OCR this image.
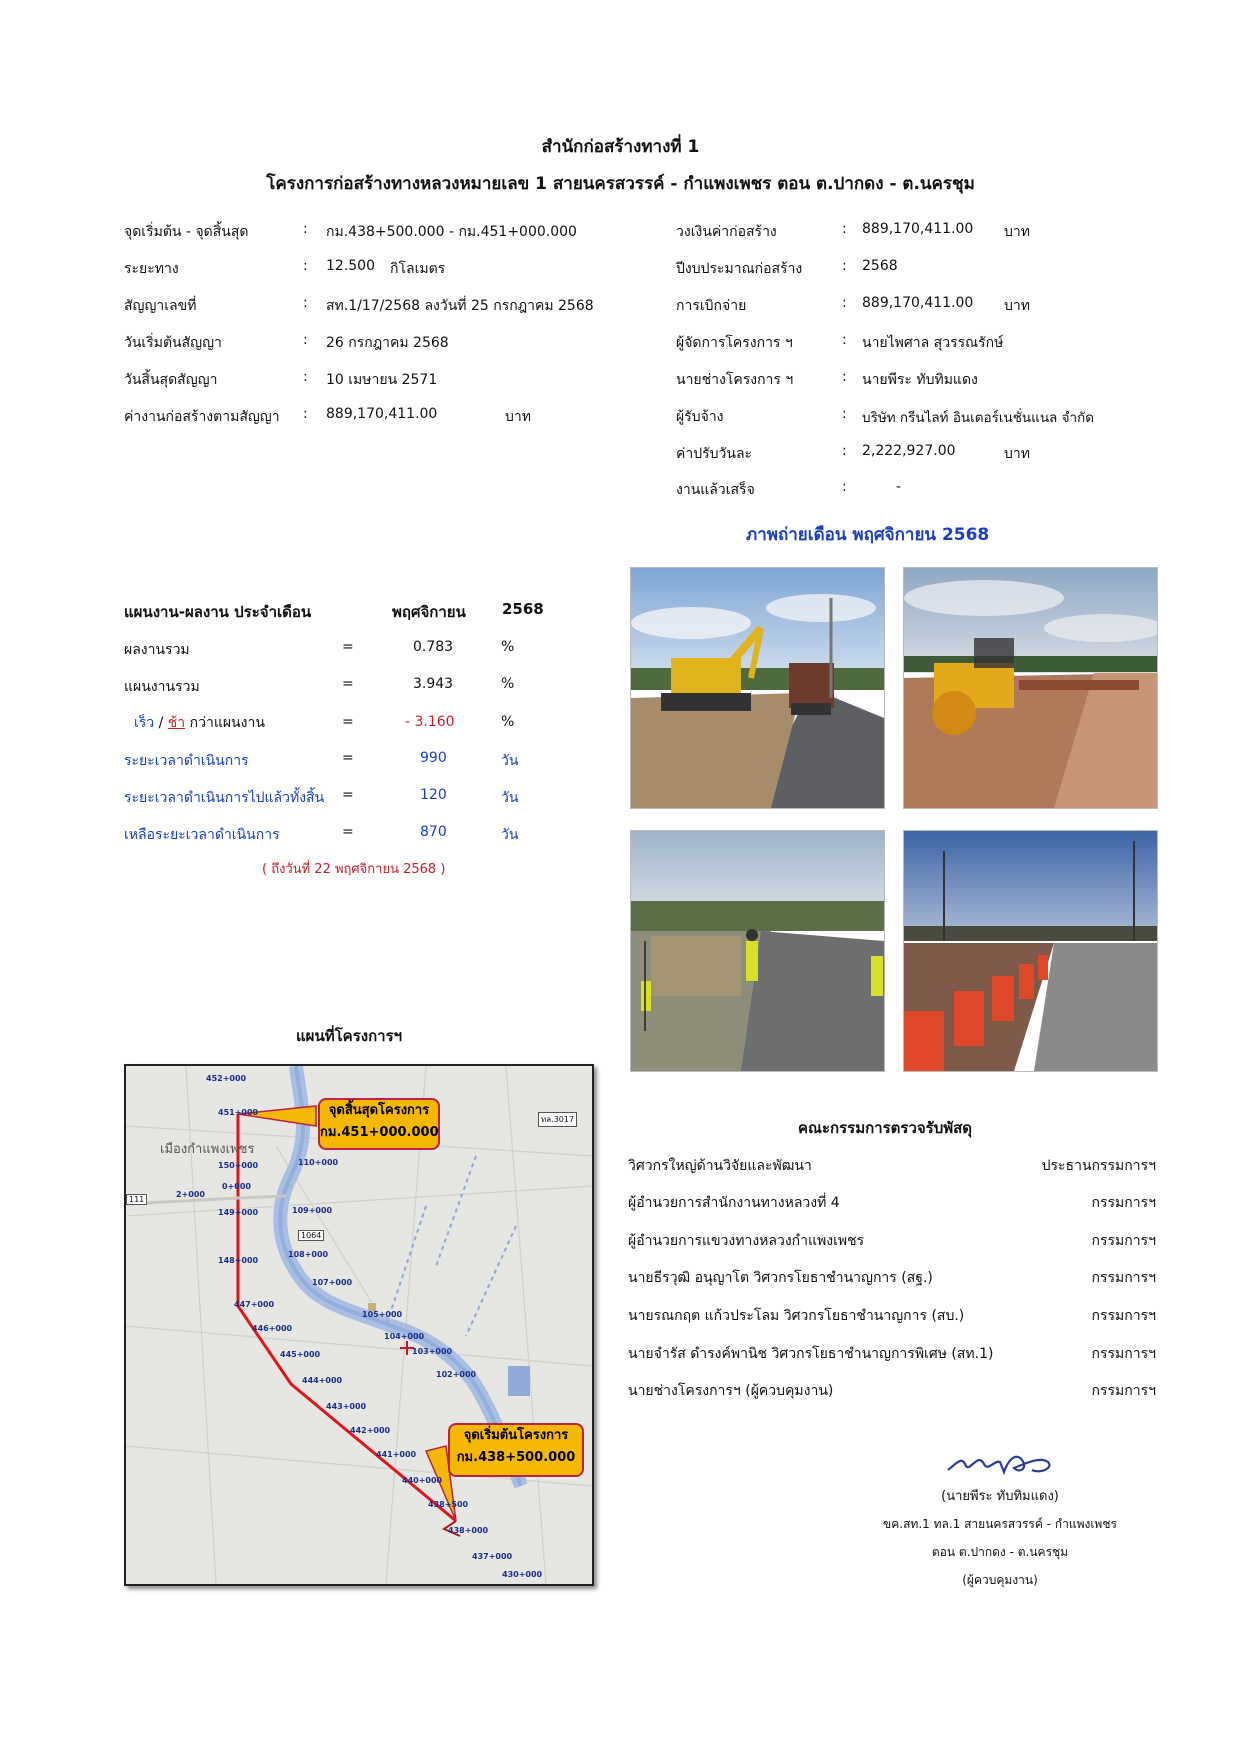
สำนักก่อสร้างทางที่ 1
โครงการก่อสร้างทางหลวงหมายเลข 1 สายนครสวรรค์ - กำแพงเพชร ตอน ต.ปากดง - ต.นครชุม
จุดเริ่มต้น - จุดสิ้นสุด	: กม.438+500.000 - กม.451+000.000
ระยะทาง	: 12.500 กิโลเมตร
สัญญาเลขที่	: สท.1/17/2568 ลงวันที่ 25 กรกฎาคม 2568
วันเริ่มต้นสัญญา	: 26 กรกฎาคม 2568
วันสิ้นสุดสัญญา	: 10 เมษายน 2571
ค่างานก่อสร้างตามสัญญา : 889,170,411.00	บาท
วงเงินค่าก่อสร้าง	: 889,170,411.00 บาท
ปีงบประมาณก่อสร้าง	: 2568
การเบิกจ่าย	: 889,170,411.00 บาท
ผู้จัดการโครงการ ฯ	: นายไพศาล สุวรรณรักษ์
นายช่างโครงการ ฯ	: นายพีระ ทับทิมแดง
ผู้รับจ้าง	: บริษัท กรีนไลท์ อินเตอร์เนชั่นแนล จำกัด
ค่าปรับวันละ	: 2,222,927.00	บาท
งานแล้วเสร็จ	:	-
ภาพถ่ายเดือน พฤศจิกายน 2568
แผนงาน-ผลงาน ประจำเดือน	พฤศจิกายน 2568
ผลงานรวม	=	0.783	%
แผนงานรวม	=	3.943	%
เร็ว / ช้า กว่าแผนงาน	=	- 3.160	%
ระยะเวลาดำเนินการ	=	990	วัน
ระยะเวลาดำเนินการไปแล้วทั้งสิ้น =	120	วัน
เหลือระยะเวลาดำเนินการ	=	870	วัน
( ถึงวันที่ 22 พฤศจิกายน 2568 )
แผนที่โครงการฯ
452+000
451+000
150+000
0+000
2+000
149+000
148+000
447+000
446+000
445+000
444+000
443+000
442+000
441+000
440+000
438+500
438+000
437+000
110+000
109+000
108+000
107+000
105+000
104+000
103+000
102+000
430+000
111
1064
ทล.3017
เมืองกำแพงเพชร
จุดสิ้นสุดโครงการ
กม.451+000.000
จุดเริ่มต้นโครงการ
กม.438+500.000
คณะกรรมการตรวจรับพัสดุ
วิศวกรใหญ่ด้านวิจัยและพัฒนา	ประธานกรรมการฯ
ผู้อำนวยการสำนักงานทางหลวงที่ 4	กรรมการฯ
ผู้อำนวยการแขวงทางหลวงกำแพงเพชร	กรรมการฯ
นายธีรวุฒิ อนุญาโต วิศวกรโยธาชำนาญการ (สฐ.)	กรรมการฯ
นายรณกฤต แก้วประโลม วิศวกรโยธาชำนาญการ (สบ.)	กรรมการฯ
นายจำรัส ดำรงค์พานิช วิศวกรโยธาชำนาญการพิเศษ (สท.1)	กรรมการฯ
นายช่างโครงการฯ (ผู้ควบคุมงาน)	กรรมการฯ
(นายพีระ ทับทิมแดง)
ขค.สท.1 ทล.1 สายนครสวรรค์ - กำแพงเพชร
ตอน ต.ปากดง - ต.นครชุม
(ผู้ควบคุมงาน)
